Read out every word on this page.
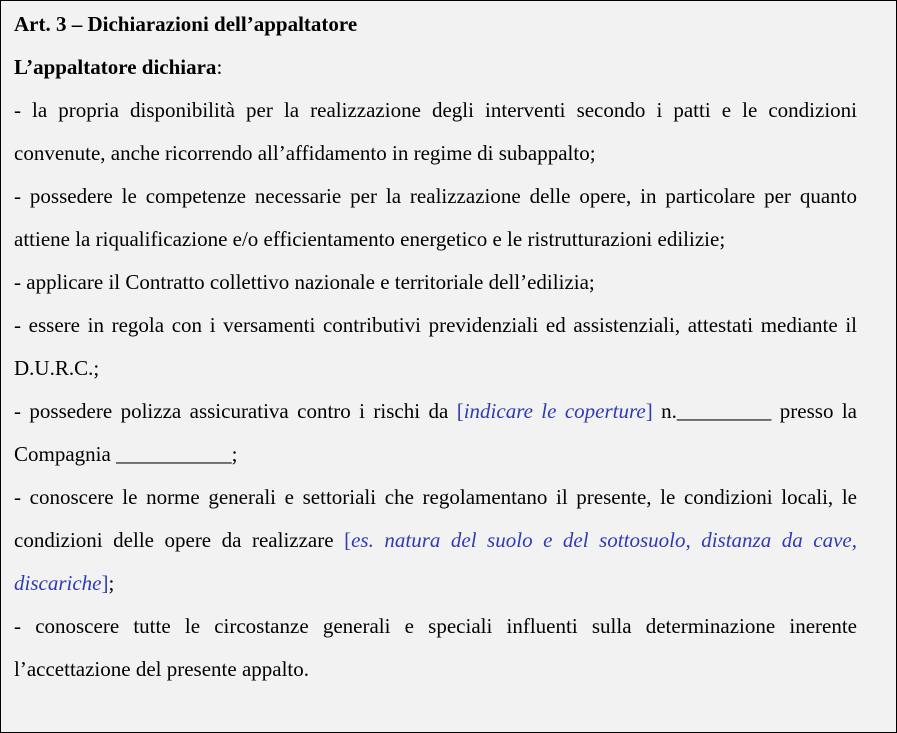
Art. 3 – Dichiarazioni dell’appaltatore

L’appaltatore dichiara:

- la propria disponibilità per la realizzazione degli interventi secondo i patti e le condizioni convenute, anche ricorrendo all’affidamento in regime di subappalto;

- possedere le competenze necessarie per la realizzazione delle opere, in particolare per quanto attiene la riqualificazione e/o efficientamento energetico e le ristrutturazioni edilizie;

- applicare il Contratto collettivo nazionale e territoriale dell’edilizia;

- essere in regola con i versamenti contributivi previdenziali ed assistenziali, attestati mediante il D.U.R.C.;

- possedere polizza assicurativa contro i rischi da [indicare le coperture] n._________ presso la Compagnia ___________;

- conoscere le norme generali e settoriali che regolamentano il presente, le condizioni locali, le condizioni delle opere da realizzare [es. natura del suolo e del sottosuolo, distanza da cave, discariche];

- conoscere tutte le circostanze generali e speciali influenti sulla determinazione inerente l’accettazione del presente appalto.
